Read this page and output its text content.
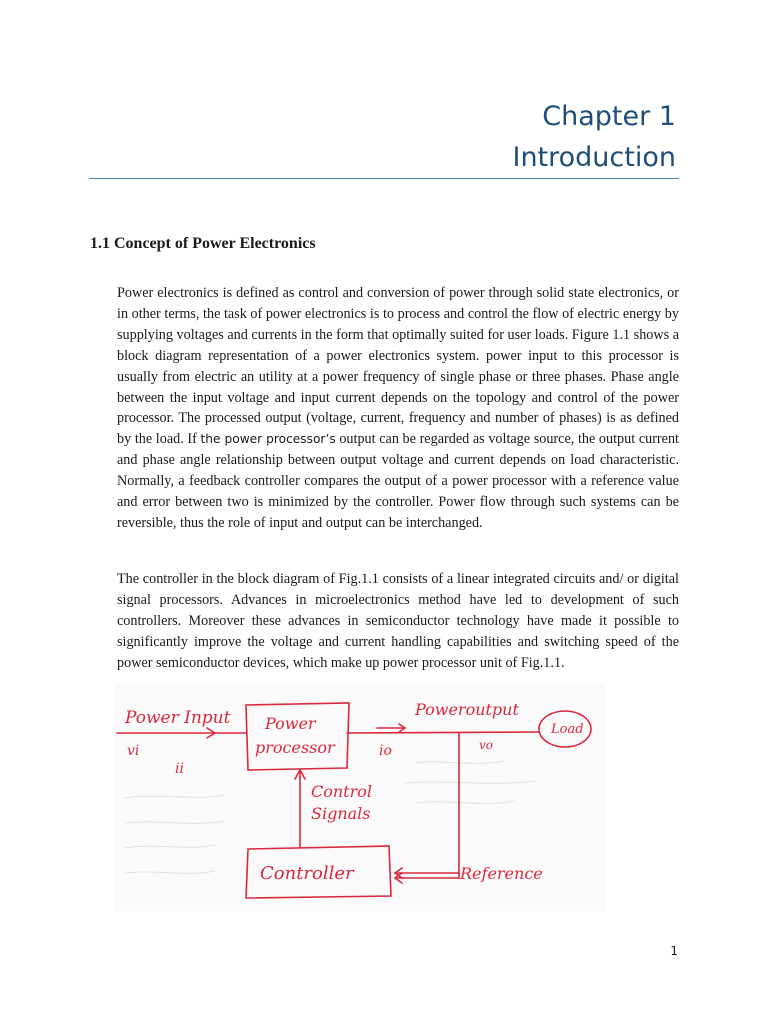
Chapter 1
Introduction
1.1 Concept of Power Electronics

Power electronics is defined as control and conversion of power through solid state electronics, or in other terms, the task of power electronics is to process and control the flow of electric energy by supplying voltages and currents in the form that optimally suited for user loads. Figure 1.1 shows a block diagram representation of a power electronics system. power input to this processor is usually from electric an utility at a power frequency of single phase or three phases. Phase angle between the input voltage and input current depends on the topology and control of the power processor. The processed output (voltage, current, frequency and number of phases) is as defined by the load. If the power processor’s output can be regarded as voltage source, the output current and phase angle relationship between output voltage and current depends on load characteristic. Normally, a feedback controller compares the output of a power processor with a reference value and error between two is minimized by the controller. Power flow through such systems can be reversible, thus the role of input and output can be interchanged.

The controller in the block diagram of Fig.1.1 consists of a linear integrated circuits and/ or digital signal processors. Advances in microelectronics method have led to development of such controllers. Moreover these advances in semiconductor technology have made it possible to significantly improve the voltage and current handling capabilities and switching speed of the power semiconductor devices, which make up power processor unit of Fig.1.1.

Power Input
vi
ii
Power
processor	io
Poweroutput
vo
Load
Control
Signals
Controller	Reference
1
